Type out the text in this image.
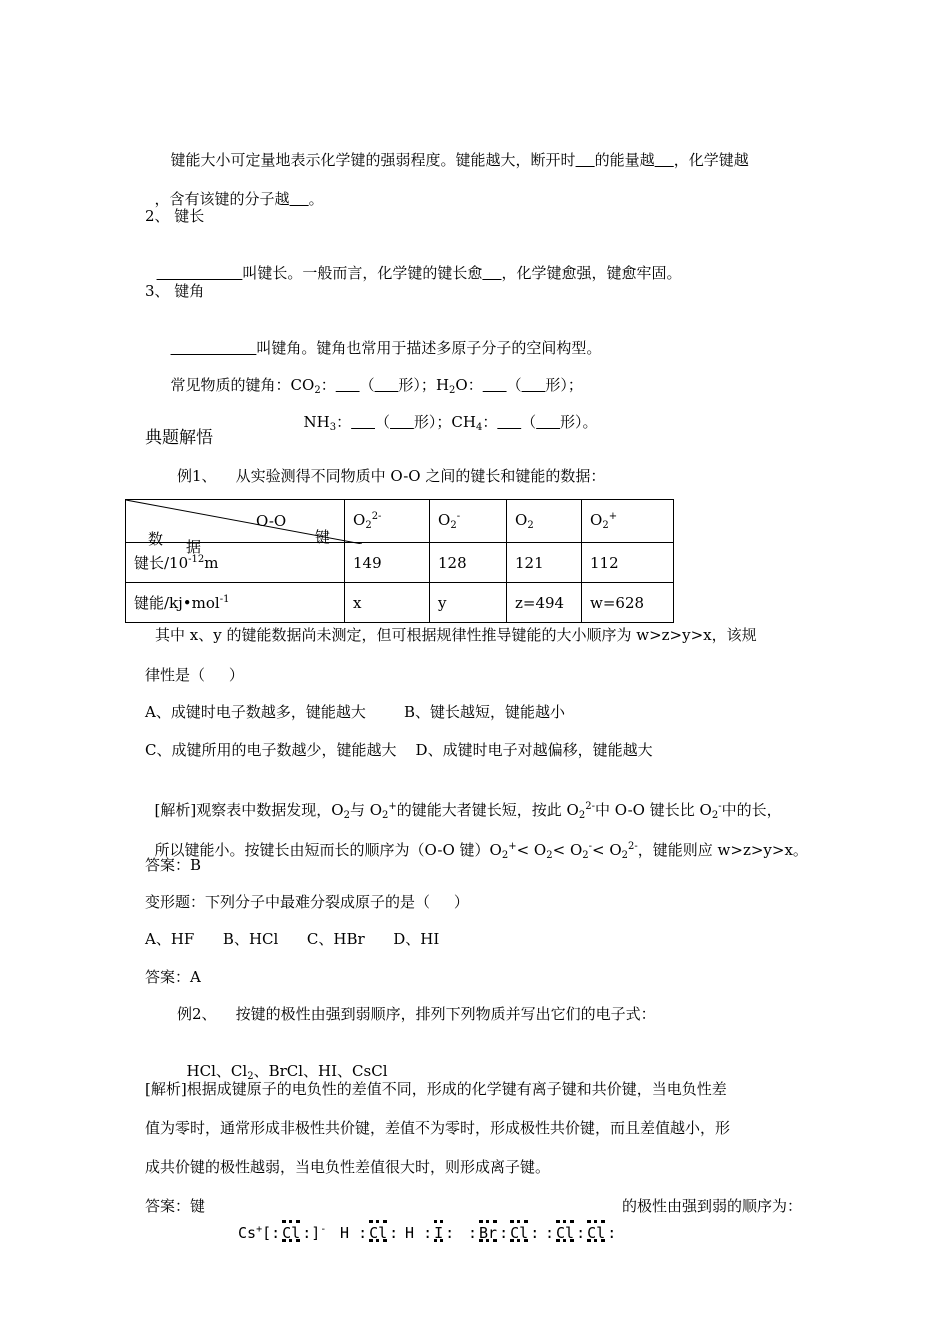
键能大小可定量地表示化学键的强弱程度。键能越大，断开时 的能量越 ，化学键越

，含有该键的分子越 。

2、 键长

叫键长。一般而言，化学键的键长愈 ，化学键愈强，键愈牢固。

3、 键角

叫键角。键角也常用于描述多原子分子的空间构型。

常见物质的键角：$CO_2$： （ 形）；$H_2O$： （ 形）；

$NH_3$： （ 形）；$CH_4$： （ 形）。

典题解悟
例1、    从实验测得不同物质中 O-O 之间的键长和键能的数据：
O-O
键
数 据	$O_2^{2-}$	$O_2^-$	$O_2$	$O_2^+$
键长$/10^{-12}m$	149	128	121	112
键能/kj•mol$^{-1}$	x	y	z=494	w=628
其中 x、y 的键能数据尚未测定，但可根据规律性推导键能的大小顺序为 w>z>y>x，该规
律性是（     ）
A、成键时电子数越多，键能越大        B、键长越短，键能越小
C、成键所用的电子数越少，键能越大    D、成键时电子对越偏移，键能越大

[解析]观察表中数据发现，$O_2$与 $O_2^+$的键能大者键长短，按此 $O_2^{2-}$中 O-O 键长比 $O_2^-$中的长，

所以键能小。按键长由短而长的顺序为（O-O 键）$O_2^+< O_2< O_2^-< O_2^{2-}$，键能则应 w>z>y>x。

答案：B
变形题：下列分子中最难分裂成原子的是（     ）
A、HF      B、HCl      C、HBr      D、HI
答案：A
例2、    按键的极性由强到弱顺序，排列下列物质并写出它们的电子式：

HCl、$Cl_2$、BrCl、HI、CsCl

[解析]根据成键原子的电负性的差值不同，形成的化学键有离子键和共价键，当电负性差
值为零时，通常形成非极性共价键，差值不为零时，形成极性共价键，而且差值越小，形
成共价键的极性越弱，当电负性差值很大时，则形成离子键。
答案：键	的极性由强到弱的顺序为：
Cs+[: Cl :]- H : Cl : H : I : : Br : Cl : : Cl : Cl :
